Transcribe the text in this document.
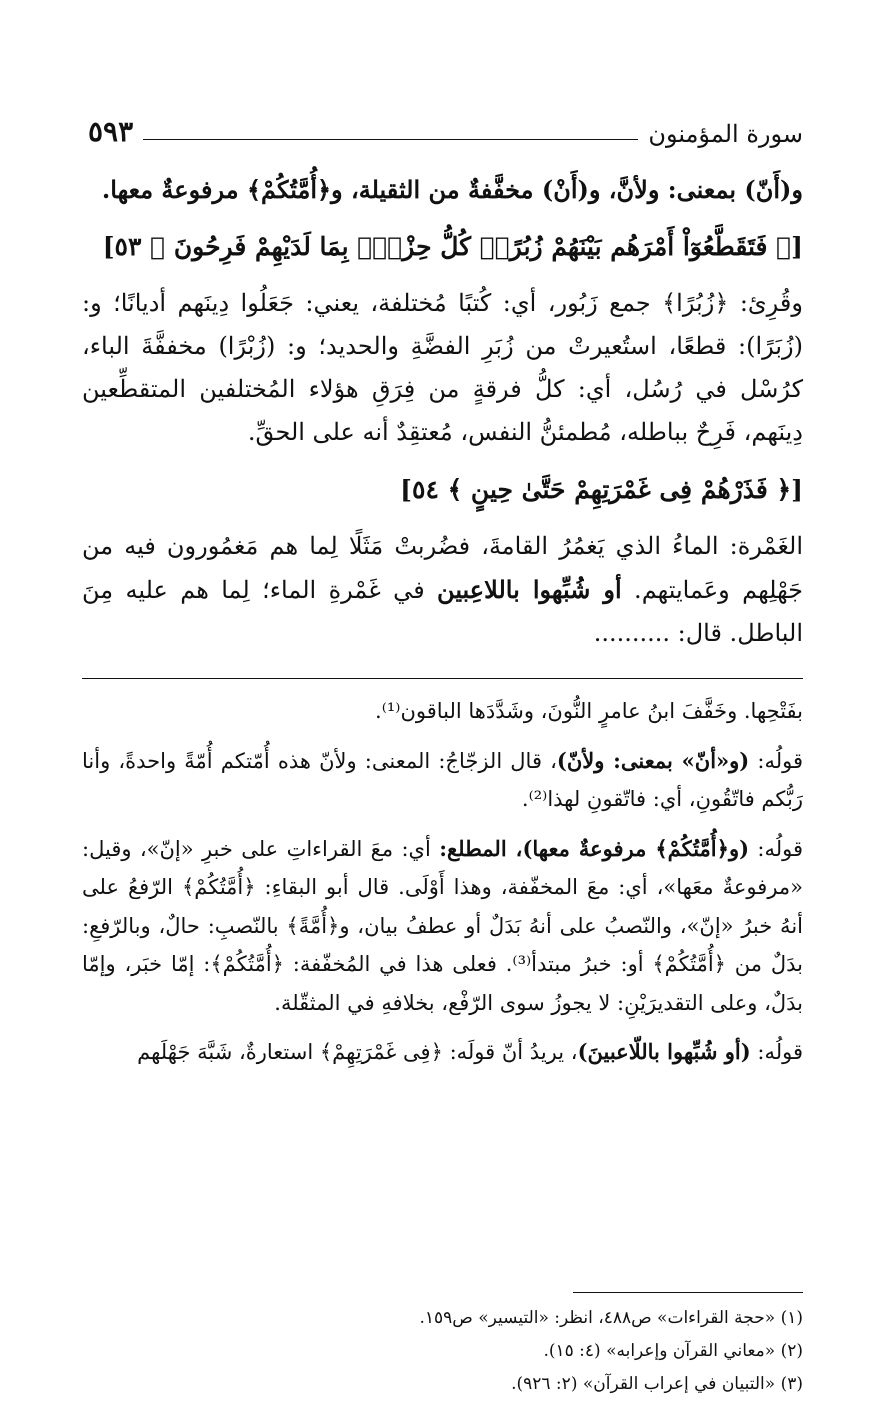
سورة المؤمنون
٥٩٣

و(أَنّ) بمعنى: ولأنَّ، و(أَنْ) مخفَّفةٌ من الثقيلة، و﴿أُمَّتُكُمْ﴾ مرفوعةٌ معها.

[﴿ فَتَقَطَّعُوٓاْ أَمْرَهُم بَيْنَهُمْ زُبُرًاۖ كُلُّ حِزْبِۭ بِمَا لَدَيْهِمْ فَرِحُونَ ﴾ ٥٣]

وقُرِئ: ﴿زُبُرًا﴾ جمع زَبُور، أي: كُتبًا مُختلفة، يعني: جَعَلُوا دِينَهم أديانًا؛ و: (زُبَرًا): قطعًا، استُعيرتْ من زُبَرِ الفضَّةِ والحديد؛ و: (زُبْرًا) مخففَّةَ الباء، كرُسْل في رُسُل، أي: كلُّ فرقةٍ من فِرَقِ هؤلاء المُختلفين المتقطِّعين دِينَهم، فَرِحٌ بباطله، مُطمئنُّ النفس، مُعتقِدٌ أنه على الحقِّ.

[﴿ فَذَرْهُمْ فِى غَمْرَتِهِمْ حَتَّىٰ حِينٍ ﴾ ٥٤]

الغَمْرة: الماءُ الذي يَغمُرُ القامةَ، فضُربتْ مَثَلًا لِما هم مَغمُورون فيه من جَهْلِهم وعَمايتهم. أو شُبِّهوا باللاعِبين في غَمْرةِ الماء؛ لِما هم عليه مِنَ الباطل. قال: ..........

بفَتْحِها. وخَفَّفَ ابنُ عامرٍ النُّونَ، وشَدَّدَها الباقون⁽¹⁾.

قولُه: (و«أنّ» بمعنى: ولأنّ)، قال الزجّاجُ: المعنى: ولأنّ هذه أُمّتكم أُمّةً واحدةً، وأنا رَبُّكم فاتّقُونِ، أي: فاتّقونِ لهذا⁽²⁾.

قولُه: (و﴿أُمَّتُكُمْ﴾ مرفوعةٌ معها)، المطلع: أي: معَ القراءاتِ على خبرِ «إنّ»، وقيل: «مرفوعةٌ معَها»، أي: معَ المخفّفة، وهذا أَوْلَى. قال أبو البقاءِ: ﴿أُمَّتُكُمْ﴾ الرّفعُ على أنهُ خبرُ «إنّ»، والنّصبُ على أنهُ بَدَلٌ أو عطفُ بيان، و﴿أُمَّةً﴾ بالنّصبِ: حالٌ، وبالرّفعِ: بدَلٌ من ﴿أُمَّتُكُمْ﴾ أو: خبرُ مبتدأ⁽³⁾. فعلى هذا في المُخفّفة: ﴿أُمَّتُكُمْ﴾: إمّا خبَر، وإمّا بدَلٌ، وعلى التقديرَيْنِ: لا يجوزُ سوى الرّفْع، بخلافهِ في المثقّلة.

قولُه: (أو شُبِّهوا باللّاعبينَ)، يريدُ أنّ قولَه: ﴿فِى غَمْرَتِهِمْ﴾ استعارةٌ، شَبَّهَ جَهْلَهم

(١) «حجة القراءات» ص٤٨٨، انظر: «التيسير» ص١٥٩.
(٢) «معاني القرآن وإعرابه» (٤: ١٥).
(٣) «التبيان في إعراب القرآن» (٢: ٩٢٦).
